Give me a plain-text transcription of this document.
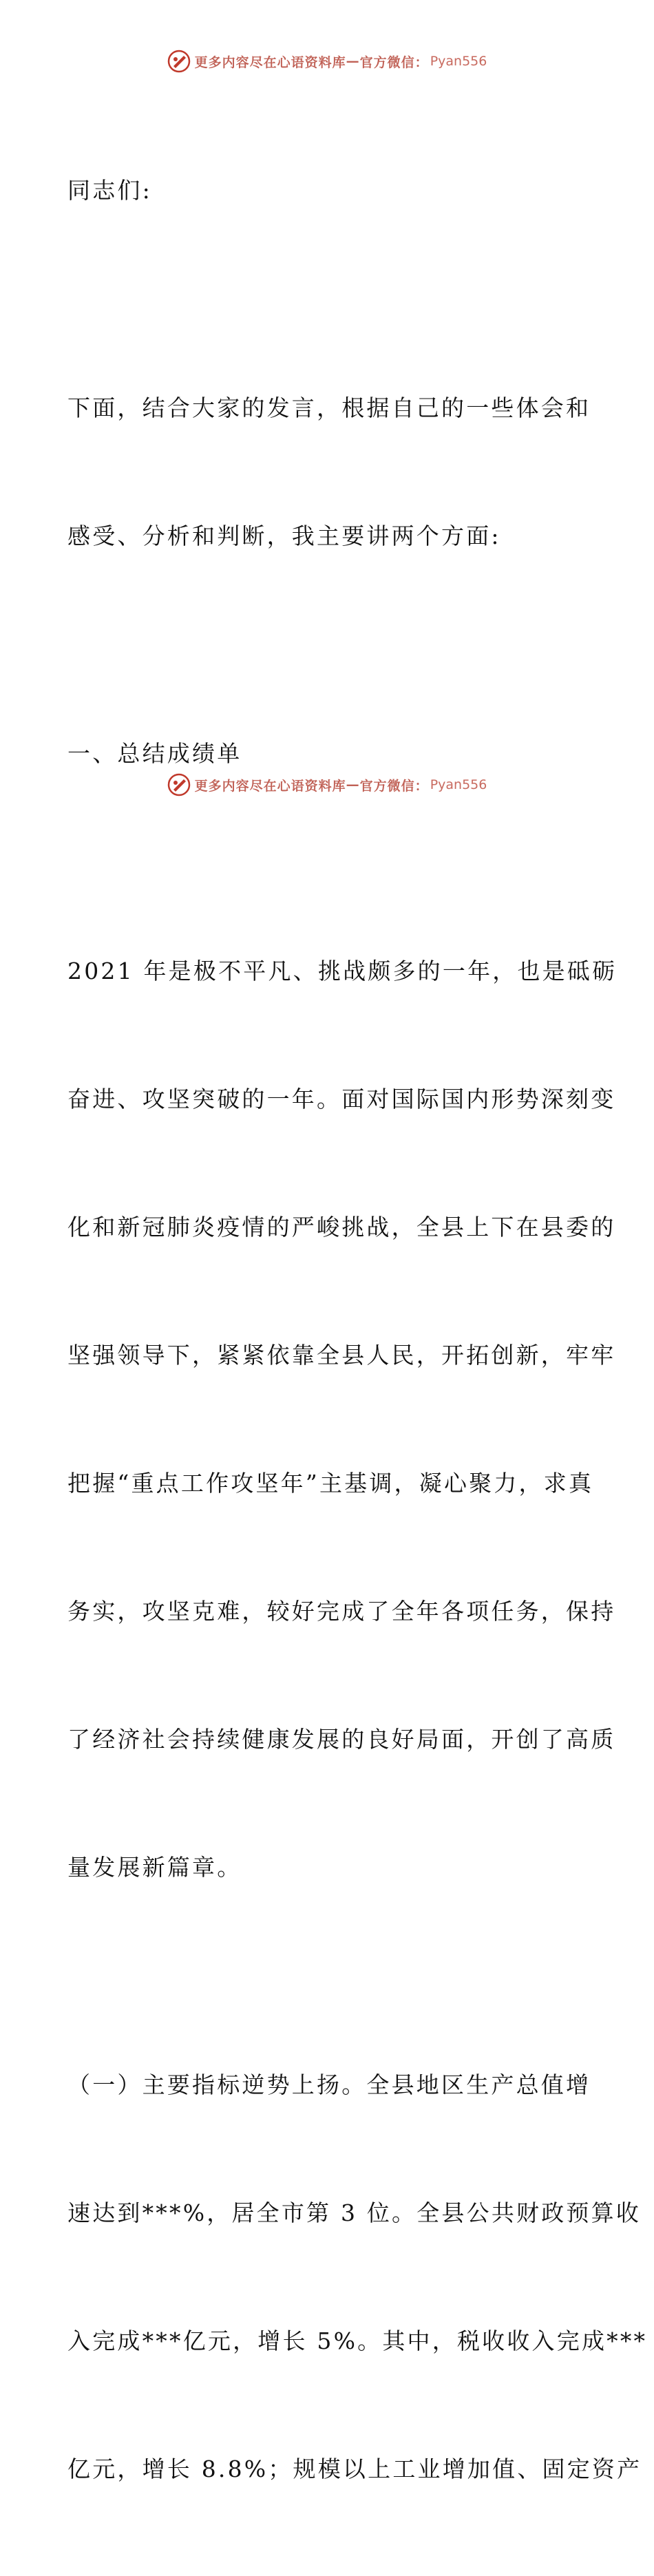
更多内容尽在心语资料库 — 官方微信： Pyan556

同志们:

下面，结合大家的发言，根据自己的一些体会和

感受、分析和判断，我主要讲两个方面:

一、总结成绩单

2021 年是极不平凡、挑战颇多的一年，也是砥砺

奋进、攻坚突破的一年。面对国际国内形势深刻变

化和新冠肺炎疫情的严峻挑战，全县上下在县委的

坚强领导下，紧紧依靠全县人民，开拓创新，牢牢

把握“重点工作攻坚年”主基调，凝心聚力，求真

务实，攻坚克难，较好完成了全年各项任务，保持

了经济社会持续健康发展的良好局面，开创了高质

量发展新篇章。

（一）主要指标逆势上扬。全县地区生产总值增

速达到***%，居全市第 3 位。全县公共财政预算收

入完成***亿元，增长 5%。其中，税收收入完成***

亿元，增长 8.8%；规模以上工业增加值、固定资产

更多内容尽在心语资料库 — 官方微信： Pyan556
